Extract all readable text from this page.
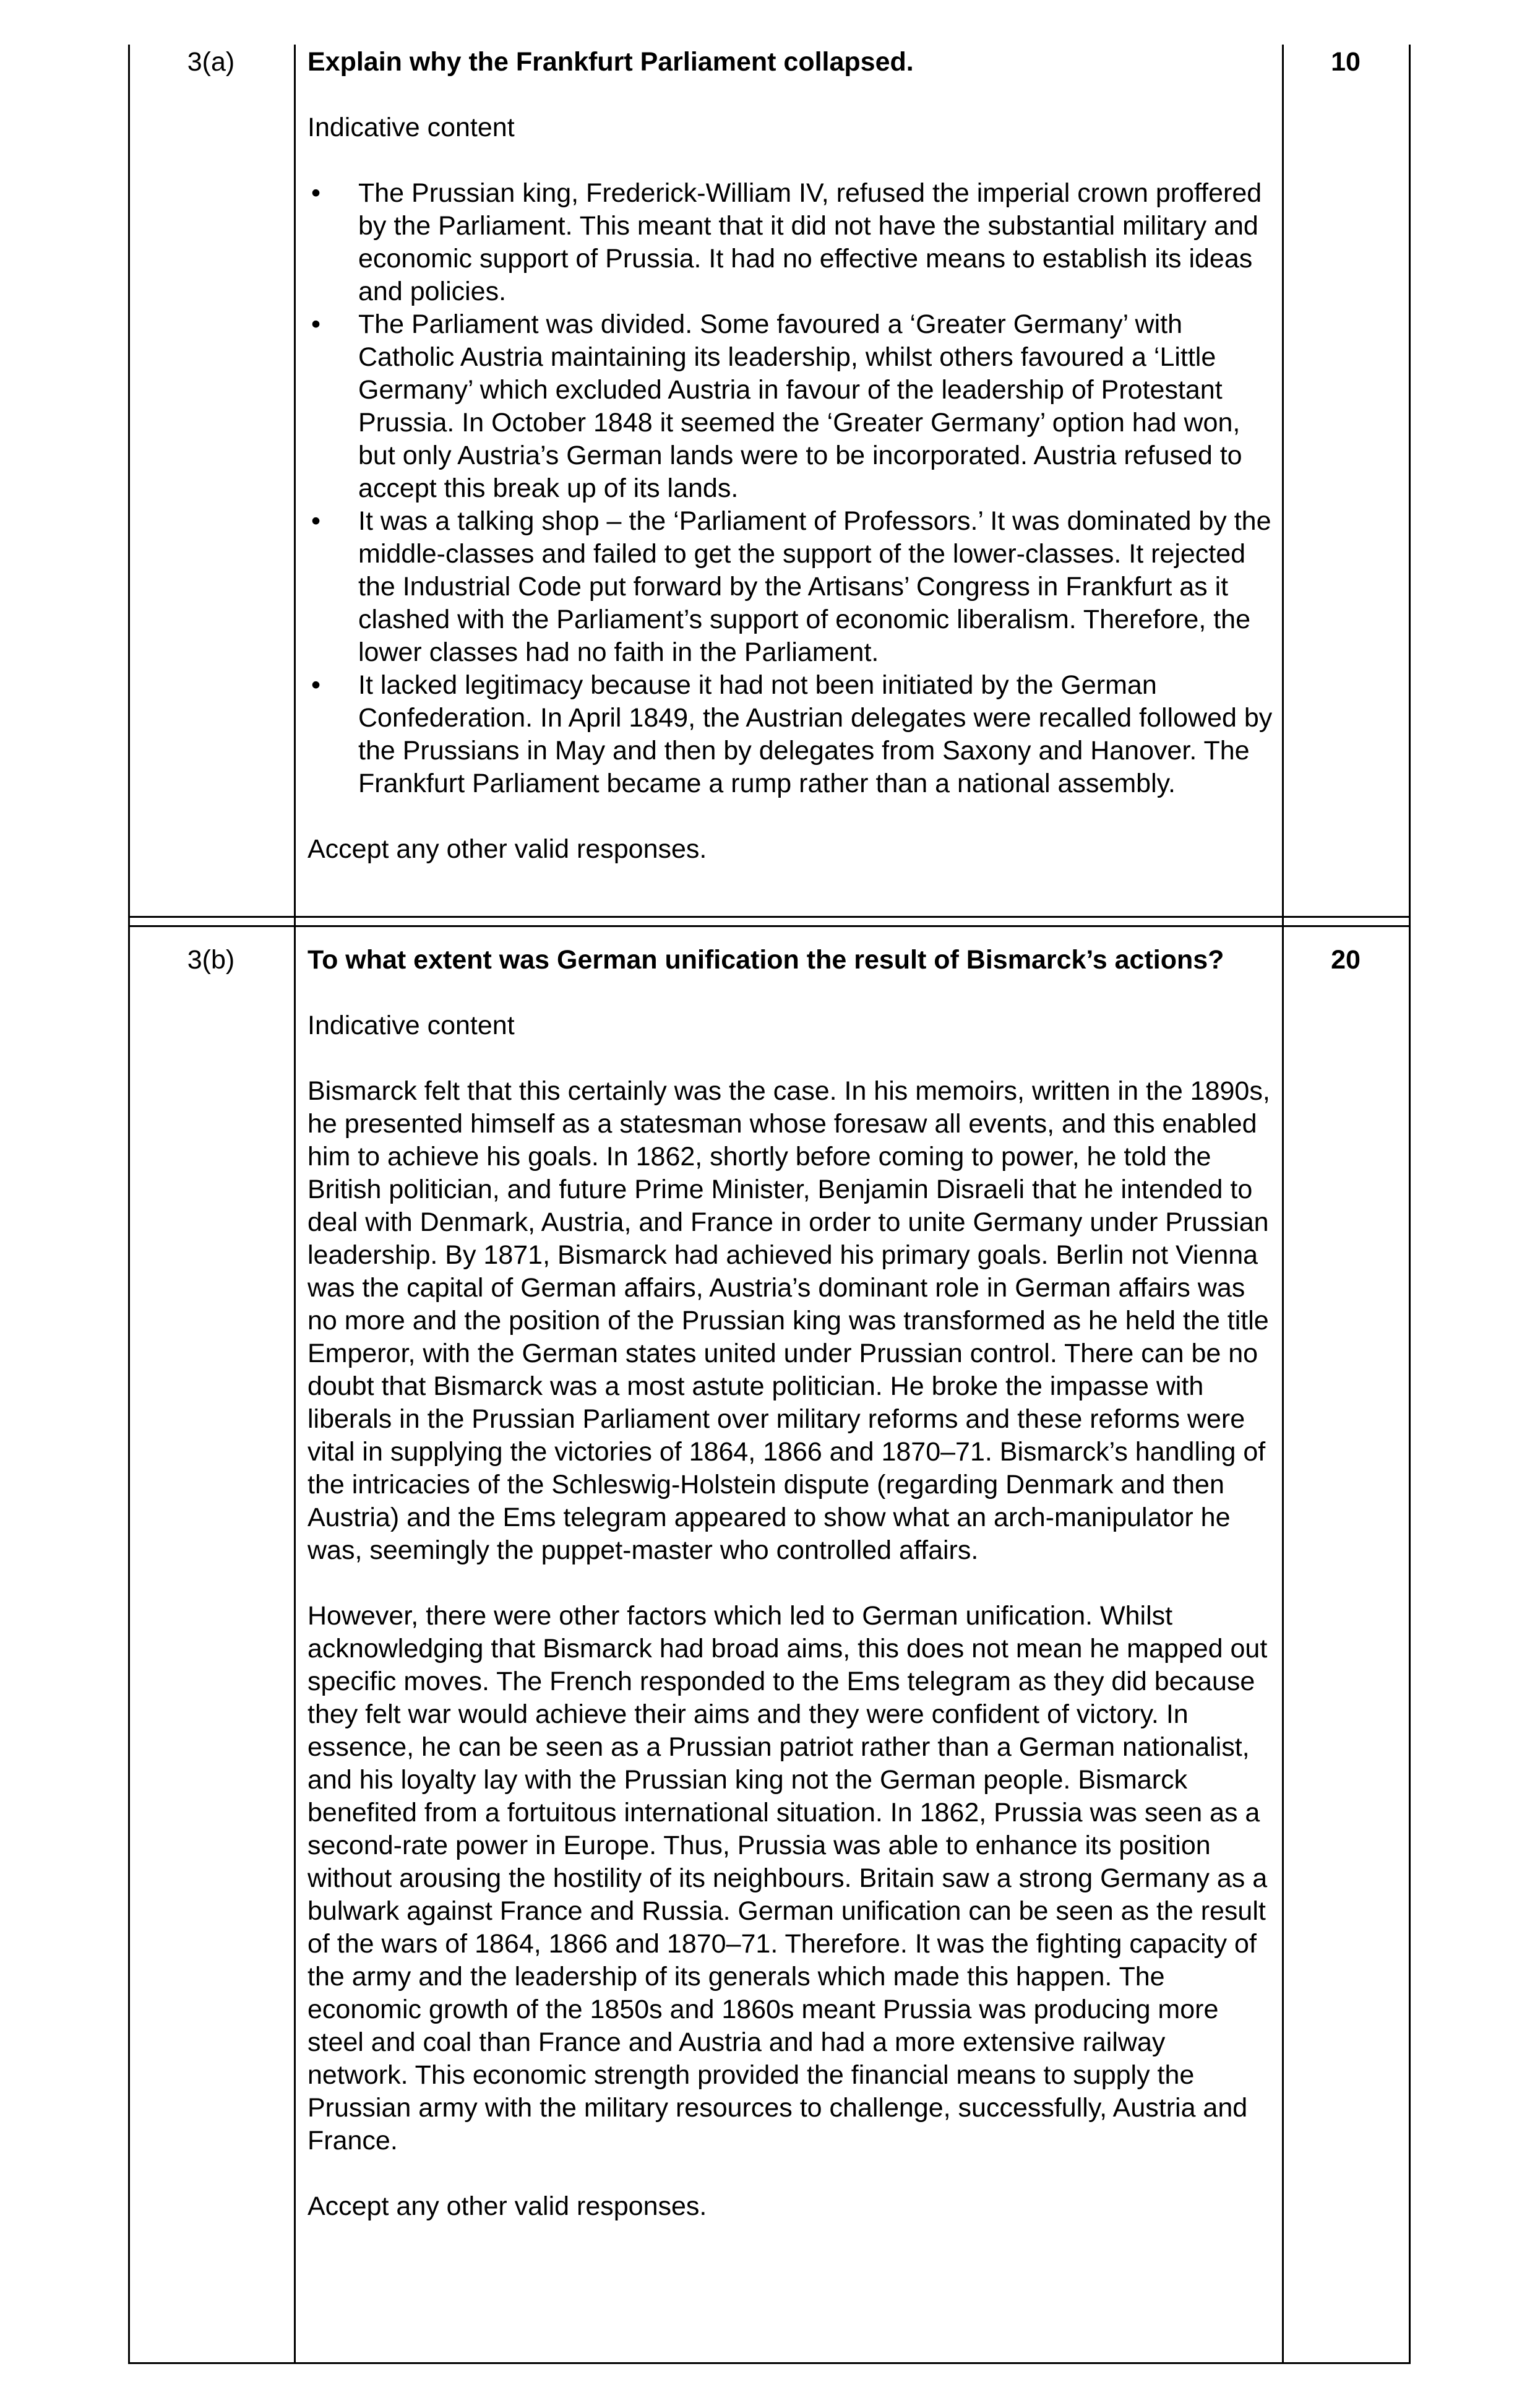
3(a)	10

Explain why the Frankfurt Parliament collapsed.

Indicative content

• The Prussian king, Frederick-William IV, refused the imperial crown proffered by the Parliament. This meant that it did not have the substantial military and economic support of Prussia. It had no effective means to establish its ideas and policies.
• The Parliament was divided. Some favoured a ‘Greater Germany’ with Catholic Austria maintaining its leadership, whilst others favoured a ‘Little Germany’ which excluded Austria in favour of the leadership of Protestant Prussia. In October 1848 it seemed the ‘Greater Germany’ option had won, but only Austria’s German lands were to be incorporated. Austria refused to accept this break up of its lands.
• It was a talking shop – the ‘Parliament of Professors.’ It was dominated by the middle-classes and failed to get the support of the lower-classes. It rejected the Industrial Code put forward by the Artisans’ Congress in Frankfurt as it clashed with the Parliament’s support of economic liberalism. Therefore, the lower classes had no faith in the Parliament.
• It lacked legitimacy because it had not been initiated by the German Confederation. In April 1849, the Austrian delegates were recalled followed by the Prussians in May and then by delegates from Saxony and Hanover. The Frankfurt Parliament became a rump rather than a national assembly.

Accept any other valid responses.

3(b)	20

To what extent was German unification the result of Bismarck’s actions?

Indicative content

Bismarck felt that this certainly was the case. In his memoirs, written in the 1890s, he presented himself as a statesman whose foresaw all events, and this enabled him to achieve his goals. In 1862, shortly before coming to power, he told the British politician, and future Prime Minister, Benjamin Disraeli that he intended to deal with Denmark, Austria, and France in order to unite Germany under Prussian leadership. By 1871, Bismarck had achieved his primary goals. Berlin not Vienna was the capital of German affairs, Austria’s dominant role in German affairs was no more and the position of the Prussian king was transformed as he held the title Emperor, with the German states united under Prussian control. There can be no doubt that Bismarck was a most astute politician. He broke the impasse with liberals in the Prussian Parliament over military reforms and these reforms were vital in supplying the victories of 1864, 1866 and 1870–71. Bismarck’s handling of the intricacies of the Schleswig-Holstein dispute (regarding Denmark and then Austria) and the Ems telegram appeared to show what an arch-manipulator he was, seemingly the puppet-master who controlled affairs.

However, there were other factors which led to German unification. Whilst acknowledging that Bismarck had broad aims, this does not mean he mapped out specific moves. The French responded to the Ems telegram as they did because they felt war would achieve their aims and they were confident of victory. In essence, he can be seen as a Prussian patriot rather than a German nationalist, and his loyalty lay with the Prussian king not the German people. Bismarck benefited from a fortuitous international situation. In 1862, Prussia was seen as a second-rate power in Europe. Thus, Prussia was able to enhance its position without arousing the hostility of its neighbours. Britain saw a strong Germany as a bulwark against France and Russia. German unification can be seen as the result of the wars of 1864, 1866 and 1870–71. Therefore. It was the fighting capacity of the army and the leadership of its generals which made this happen. The economic growth of the 1850s and 1860s meant Prussia was producing more steel and coal than France and Austria and had a more extensive railway network. This economic strength provided the financial means to supply the Prussian army with the military resources to challenge, successfully, Austria and France.

Accept any other valid responses.
